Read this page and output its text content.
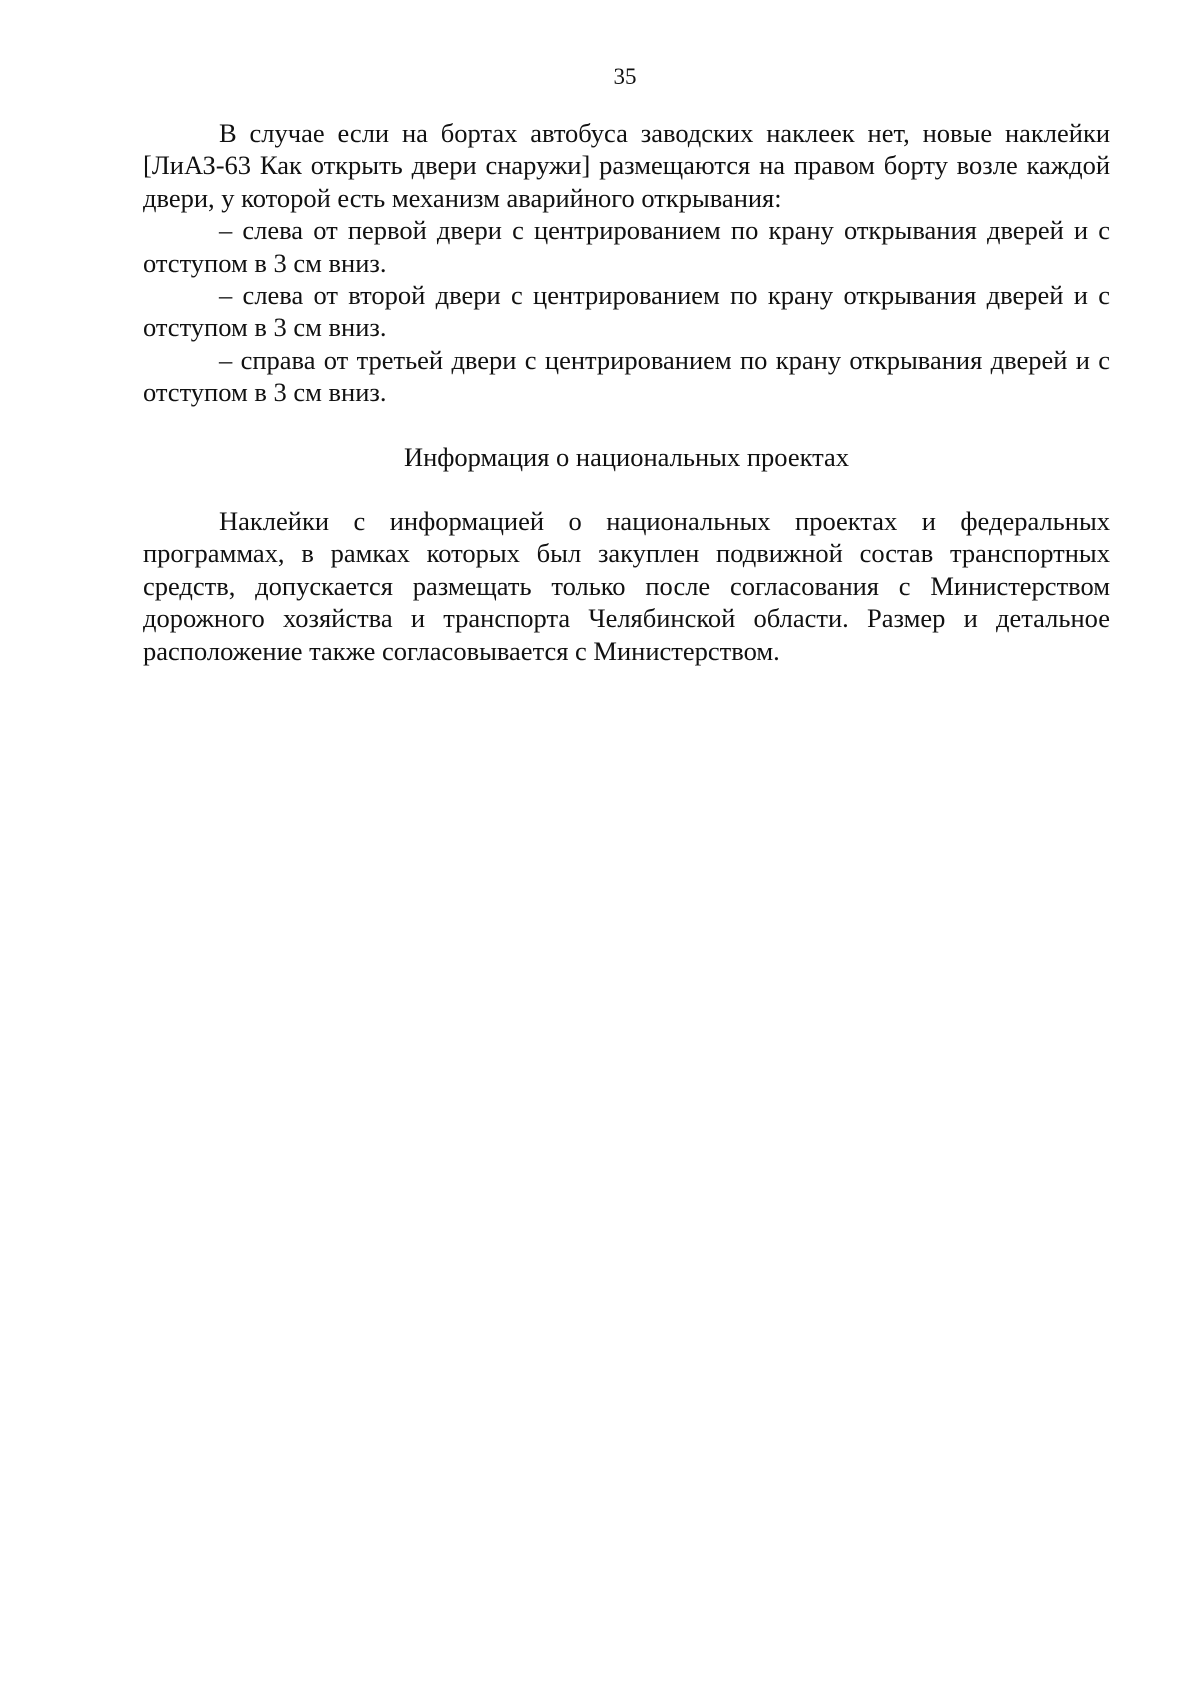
35

В случае если на бортах автобуса заводских наклеек нет, новые наклейки [ЛиАЗ-63 Как открыть двери снаружи] размещаются на правом борту возле каждой двери, у которой есть механизм аварийного открывания:

– слева от первой двери с центрированием по крану открывания дверей и с отступом в 3 см вниз.

– слева от второй двери с центрированием по крану открывания дверей и с отступом в 3 см вниз.

– справа от третьей двери с центрированием по крану открывания дверей и с отступом в 3 см вниз.

Информация о национальных проектах

Наклейки с информацией о национальных проектах и федеральных программах, в рамках которых был закуплен подвижной состав транспортных средств, допускается размещать только после согласования с Министерством дорожного хозяйства и транспорта Челябинской области. Размер и детальное расположение также согласовывается с Министерством.
